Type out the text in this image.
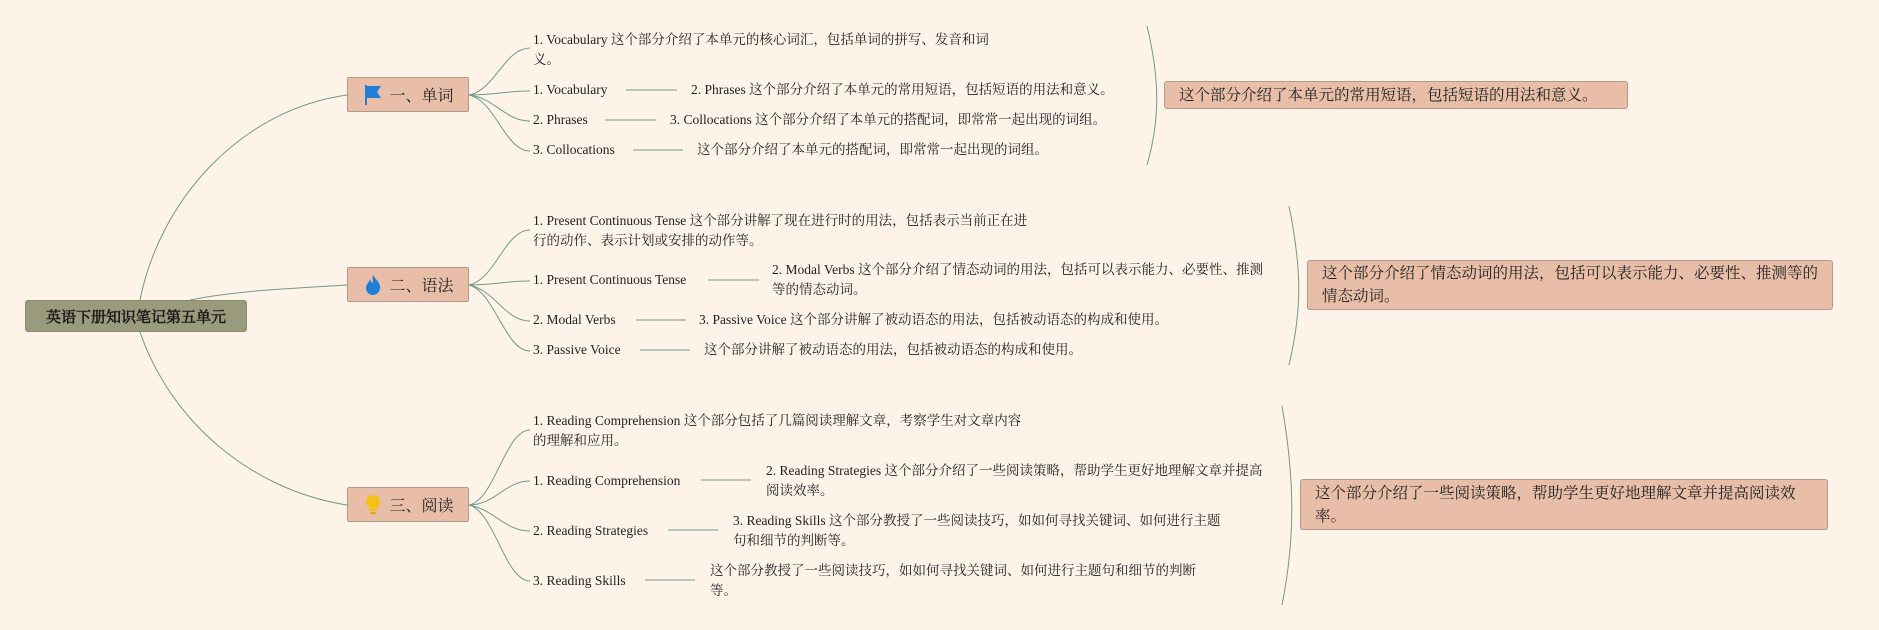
英语下册知识笔记第五单元
一、单词
1. Vocabulary 这个部分介绍了本单元的核心词汇，包括单词的拼写、发音和词义。
1. Vocabulary	2. Phrases 这个部分介绍了本单元的常用短语，包括短语的用法和意义。
2. Phrases	3. Collocations 这个部分介绍了本单元的搭配词，即常常一起出现的词组。
3. Collocations	这个部分介绍了本单元的搭配词，即常常一起出现的词组。
这个部分介绍了本单元的常用短语，包括短语的用法和意义。
二、语法
1. Present Continuous Tense 这个部分讲解了现在进行时的用法，包括表示当前正在进行的动作、表示计划或安排的动作等。
1. Present Continuous Tense
2. Modal Verbs 这个部分介绍了情态动词的用法，包括可以表示能力、必要性、推测等的情态动词。
2. Modal Verbs	3. Passive Voice 这个部分讲解了被动语态的用法，包括被动语态的构成和使用。
3. Passive Voice	这个部分讲解了被动语态的用法，包括被动语态的构成和使用。
这个部分介绍了情态动词的用法，包括可以表示能力、必要性、推测等的情态动词。
三、阅读
1. Reading Comprehension 这个部分包括了几篇阅读理解文章，考察学生对文章内容的理解和应用。
1. Reading Comprehension
2. Reading Strategies 这个部分介绍了一些阅读策略，帮助学生更好地理解文章并提高阅读效率。
2. Reading Strategies
3. Reading Skills 这个部分教授了一些阅读技巧，如如何寻找关键词、如何进行主题句和细节的判断等。
3. Reading Skills
这个部分教授了一些阅读技巧，如如何寻找关键词、如何进行主题句和细节的判断等。
这个部分介绍了一些阅读策略，帮助学生更好地理解文章并提高阅读效率。
